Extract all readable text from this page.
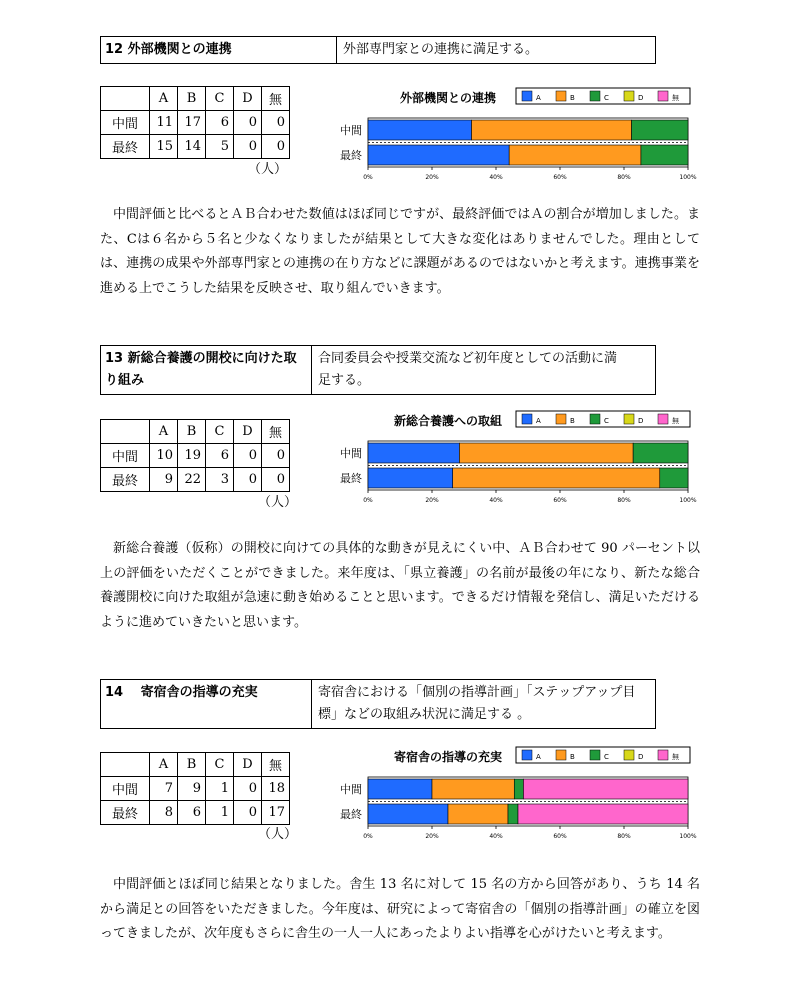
12 外部機関との連携	外部専門家との連携に満足する。
	A	B	C	D	無
中間	11	17	6	0	0
最終	15	14	5	0	0
（人）
外部機関との連携	A	B	C	D	無
中間
最終
0%	20%	40%	60%	80%	100%

中間評価と比べるとＡＢ合わせた数値はほぼ同じですが、最終評価ではＡの割合が増加しました。また、Cは６名から５名と少なくなりましたが結果として大きな変化はありませんでした。理由としては、連携の成果や外部専門家との連携の在り方などに課題があるのではないかと考えます。連携事業を進める上でこうした結果を反映させ、取り組んでいきます。

13 新総合養護の開校に向けた取り組み
合同委員会や授業交流など初年度としての活動に満足する。
	A	B	C	D	無
中間	10	19	6	0	0
最終	9	22	3	0	0
（人）
新総合養護への取組	A	B	C	D	無
中間
最終
0%	20%	40%	60%	80%	100%

新総合養護（仮称）の開校に向けての具体的な動きが見えにくい中、ＡＢ合わせて 90 パーセント以上の評価をいただくことができました。来年度は、「県立養護」の名前が最後の年になり、新たな総合養護開校に向けた取組が急速に動き始めることと思います。できるだけ情報を発信し、満足いただけるように進めていきたいと思います。

14　 寄宿舎の指導の充実	寄宿舎における「個別の指導計画」「ステップアップ目標」などの取組み状況に満足する 。
	A	B	C	D	無
中間	7	9	1	0	18
最終	8	6	1	0	17
（人）
寄宿舎の指導の充実	A	B	C	D	無
中間
最終
0%	20%	40%	60%	80%	100%

中間評価とほぼ同じ結果となりました。舎生 13 名に対して 15 名の方から回答があり、うち 14 名から満足との回答をいただきました。今年度は、研究によって寄宿舎の「個別の指導計画」の確立を図ってきましたが、次年度もさらに舎生の一人一人にあったよりよい指導を心がけたいと考えます。
